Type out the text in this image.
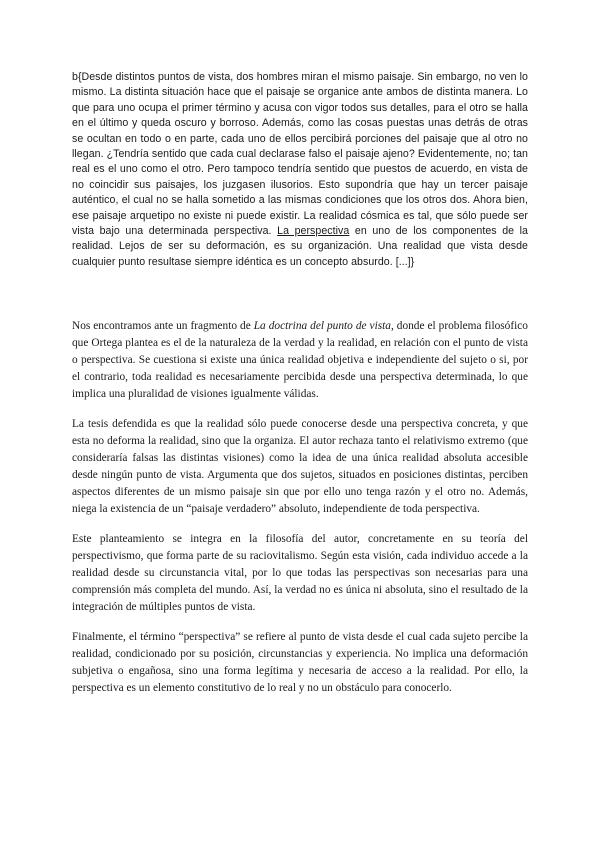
b{Desde distintos puntos de vista, dos hombres miran el mismo paisaje. Sin embargo, no ven lo mismo. La distinta situación hace que el paisaje se organice ante ambos de distinta manera. Lo que para uno ocupa el primer término y acusa con vigor todos sus detalles, para el otro se halla en el último y queda oscuro y borroso. Además, como las cosas puestas unas detrás de otras se ocultan en todo o en parte, cada uno de ellos percibirá porciones del paisaje que al otro no llegan. ¿Tendría sentido que cada cual declarase falso el paisaje ajeno? Evidentemente, no; tan real es el uno como el otro. Pero tampoco tendría sentido que puestos de acuerdo, en vista de no coincidir sus paisajes, los juzgasen ilusorios. Esto supondría que hay un tercer paisaje auténtico, el cual no se halla sometido a las mismas condiciones que los otros dos. Ahora bien, ese paisaje arquetipo no existe ni puede existir. La realidad cósmica es tal, que sólo puede ser vista bajo una determinada perspectiva. La perspectiva en uno de los componentes de la realidad. Lejos de ser su deformación, es su organización. Una realidad que vista desde cualquier punto resultase siempre idéntica es un concepto absurdo. [...]}

Nos encontramos ante un fragmento de La doctrina del punto de vista, donde el problema filosófico que Ortega plantea es el de la naturaleza de la verdad y la realidad, en relación con el punto de vista o perspectiva. Se cuestiona si existe una única realidad objetiva e independiente del sujeto o si, por el contrario, toda realidad es necesariamente percibida desde una perspectiva determinada, lo que implica una pluralidad de visiones igualmente válidas.

La tesis defendida es que la realidad sólo puede conocerse desde una perspectiva concreta, y que esta no deforma la realidad, sino que la organiza. El autor rechaza tanto el relativismo extremo (que consideraría falsas las distintas visiones) como la idea de una única realidad absoluta accesible desde ningún punto de vista. Argumenta que dos sujetos, situados en posiciones distintas, perciben aspectos diferentes de un mismo paisaje sin que por ello uno tenga razón y el otro no. Además, niega la existencia de un “paisaje verdadero” absoluto, independiente de toda perspectiva.

Este planteamiento se integra en la filosofía del autor, concretamente en su teoría del perspectivismo, que forma parte de su raciovitalismo. Según esta visión, cada individuo accede a la realidad desde su circunstancia vital, por lo que todas las perspectivas son necesarias para una comprensión más completa del mundo. Así, la verdad no es única ni absoluta, sino el resultado de la integración de múltiples puntos de vista.

Finalmente, el término “perspectiva” se refiere al punto de vista desde el cual cada sujeto percibe la realidad, condicionado por su posición, circunstancias y experiencia. No implica una deformación subjetiva o engañosa, sino una forma legítima y necesaria de acceso a la realidad. Por ello, la perspectiva es un elemento constitutivo de lo real y no un obstáculo para conocerlo.
